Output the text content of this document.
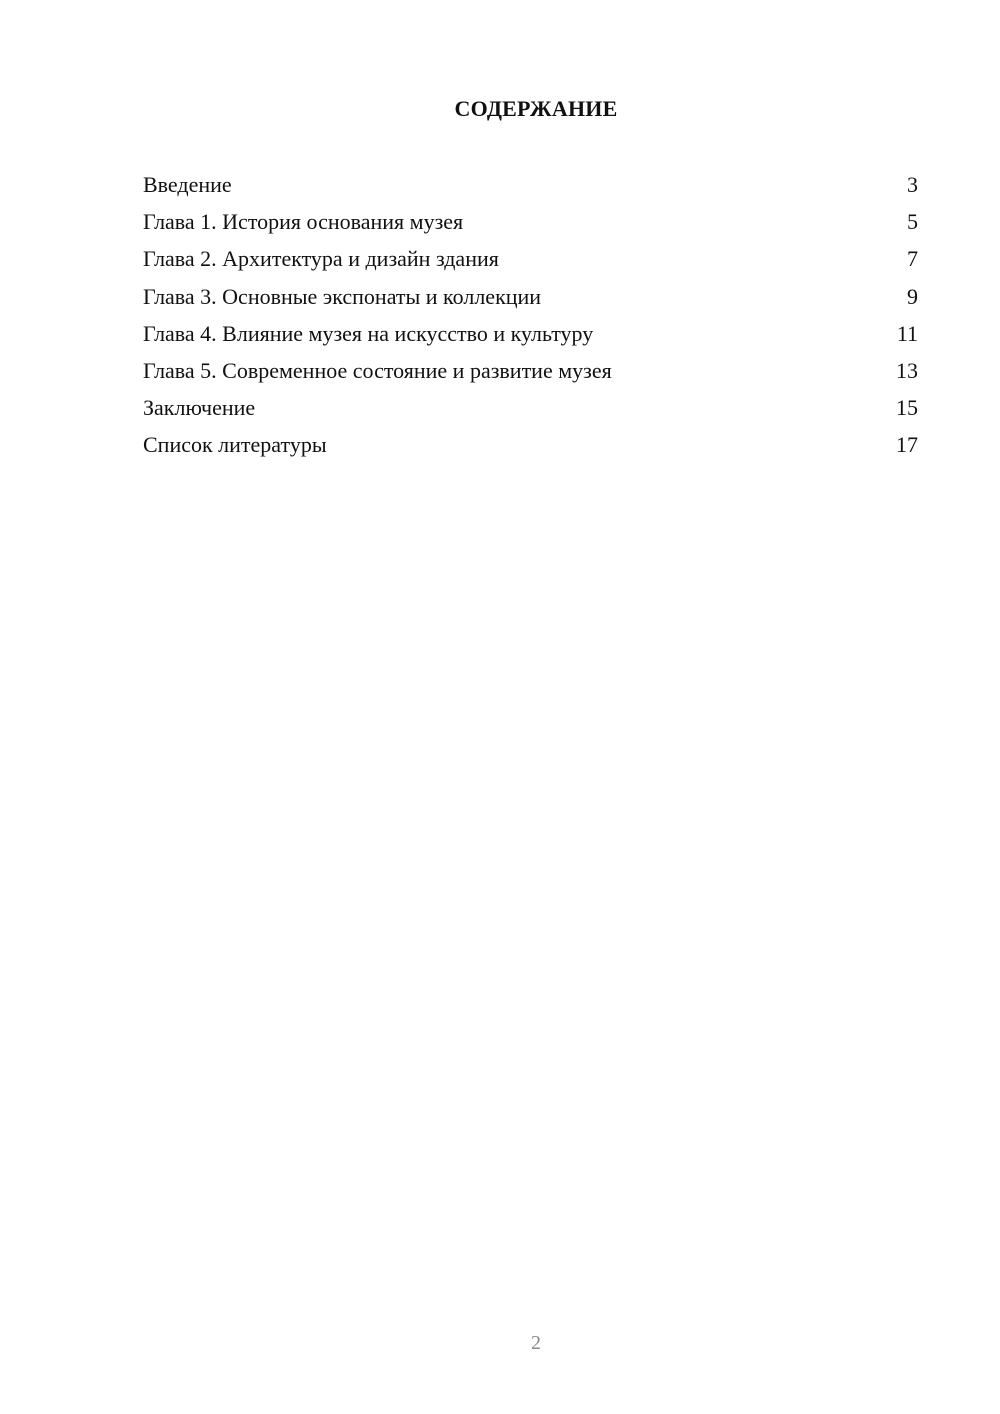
СОДЕРЖАНИЕ
Введение	3
Глава 1. История основания музея	5
Глава 2. Архитектура и дизайн здания	7
Глава 3. Основные экспонаты и коллекции	9
Глава 4. Влияние музея на искусство и культуру	11
Глава 5. Современное состояние и развитие музея	13
Заключение	15
Список литературы	17
2
